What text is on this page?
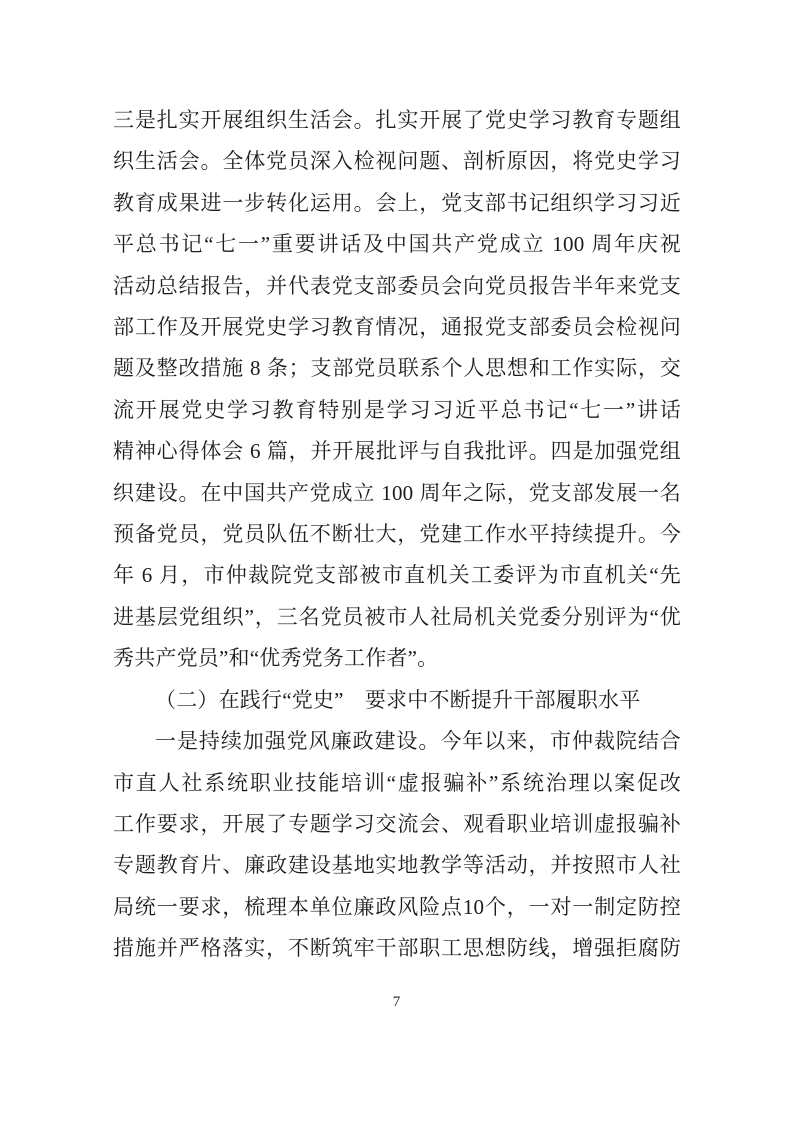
三是扎实开展组织生活会。扎实开展了党史学习教育专题组
织生活会。全体党员深入检视问题、剖析原因，将党史学习
教育成果进一步转化运用。会上，党支部书记组织学习习近
平总书记“七一”重要讲话及中国共产党成立 100 周年庆祝
活动总结报告，并代表党支部委员会向党员报告半年来党支
部工作及开展党史学习教育情况，通报党支部委员会检视问
题及整改措施 8 条；支部党员联系个人思想和工作实际，交
流开展党史学习教育特别是学习习近平总书记“七一”讲话
精神心得体会 6 篇，并开展批评与自我批评。四是加强党组
织建设。在中国共产党成立 100 周年之际，党支部发展一名
预备党员，党员队伍不断壮大，党建工作水平持续提升。今
年 6 月，市仲裁院党支部被市直机关工委评为市直机关“先
进基层党组织”，三名党员被市人社局机关党委分别评为“优
秀共产党员”和“优秀党务工作者”。
（二）在践行“党史”　要求中不断提升干部履职水平
一是持续加强党风廉政建设。今年以来，市仲裁院结合
市直人社系统职业技能培训“虚报骗补”系统治理以案促改
工作要求，开展了专题学习交流会、观看职业培训虚报骗补
专题教育片、廉政建设基地实地教学等活动，并按照市人社
局统一要求，梳理本单位廉政风险点10个，一对一制定防控
措施并严格落实，不断筑牢干部职工思想防线，增强拒腐防
7
